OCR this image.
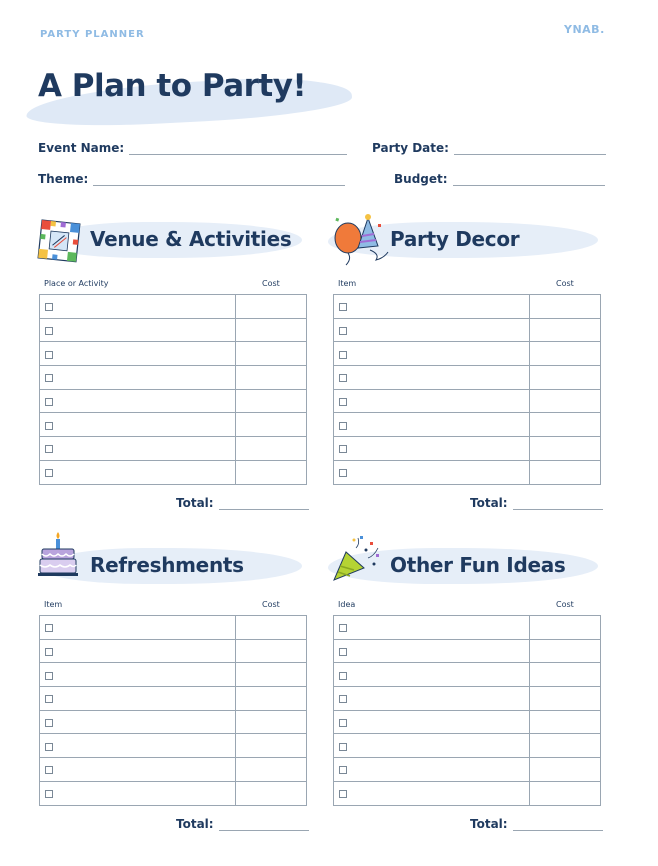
PARTY PLANNER	YNAB.
A Plan to Party!
Event Name:	Party Date:
Theme:	Budget:
Venue & Activities
Place or Activity	Cost

Total:
Party Decor
Item	Cost

Total:
Refreshments
Item	Cost

Total:
Other Fun Ideas
Idea	Cost

Total:
